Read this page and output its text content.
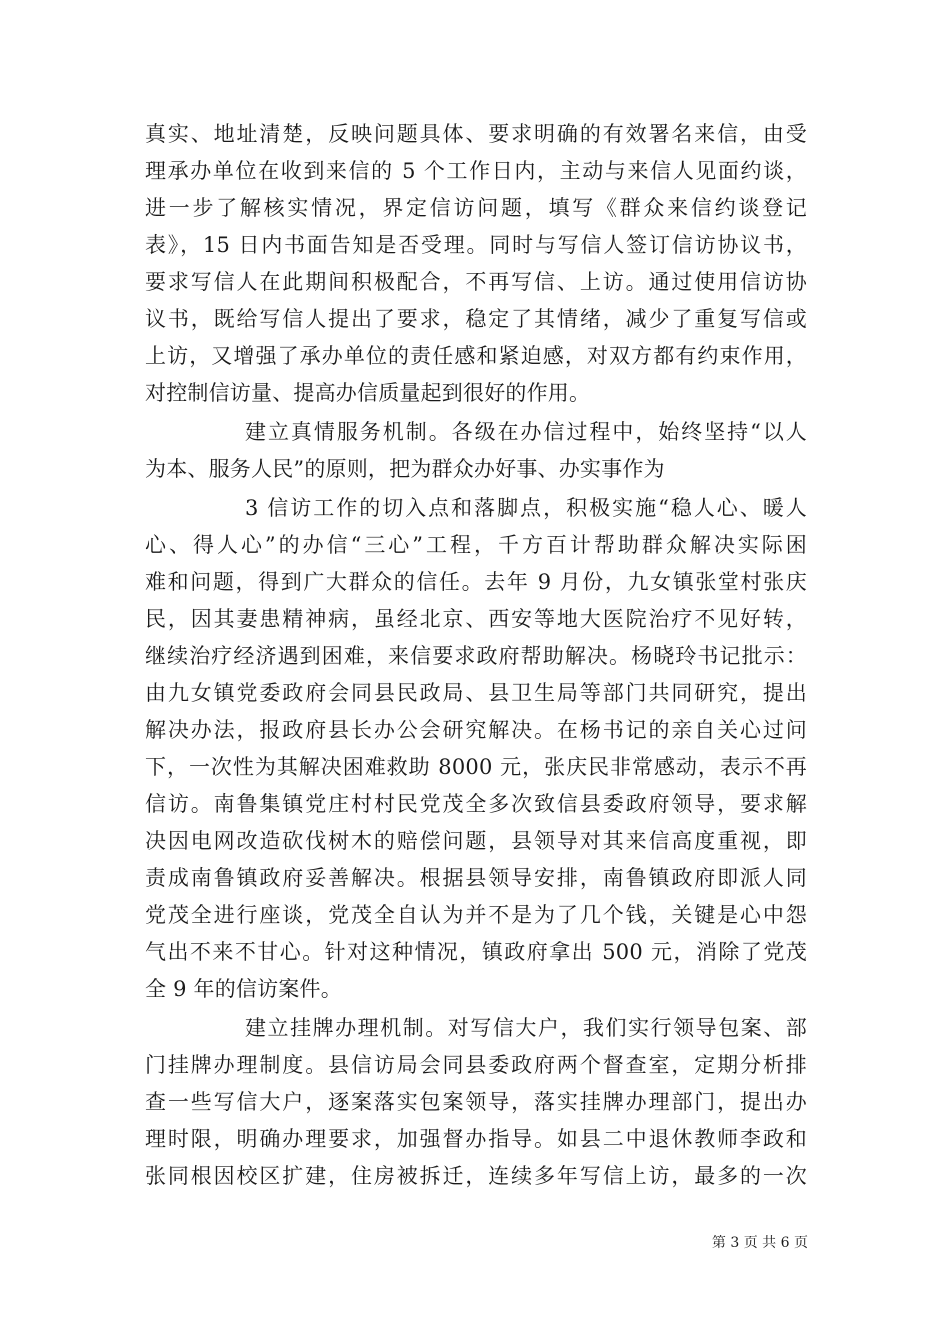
真实、地址清楚，反映问题具体、要求明确的有效署名来信，由受
理承办单位在收到来信的 5 个工作日内，主动与来信人见面约谈，
进一步了解核实情况，界定信访问题，填写《群众来信约谈登记
表》，15 日内书面告知是否受理。同时与写信人签订信访协议书，
要求写信人在此期间积极配合，不再写信、上访。通过使用信访协
议书，既给写信人提出了要求，稳定了其情绪，减少了重复写信或
上访，又增强了承办单位的责任感和紧迫感，对双方都有约束作用，
对控制信访量、提高办信质量起到很好的作用。
建立真情服务机制。各级在办信过程中，始终坚持“以人
为本、服务人民”的原则，把为群众办好事、办实事作为
3 信访工作的切入点和落脚点，积极实施“稳人心、暖人
心、得人心”的办信“三心”工程，千方百计帮助群众解决实际困
难和问题，得到广大群众的信任。去年 9 月份，九女镇张堂村张庆
民，因其妻患精神病，虽经北京、西安等地大医院治疗不见好转，
继续治疗经济遇到困难，来信要求政府帮助解决。杨晓玲书记批示：
由九女镇党委政府会同县民政局、县卫生局等部门共同研究，提出
解决办法，报政府县长办公会研究解决。在杨书记的亲自关心过问
下，一次性为其解决困难救助 8000 元，张庆民非常感动，表示不再
信访。南鲁集镇党庄村村民党茂全多次致信县委政府领导，要求解
决因电网改造砍伐树木的赔偿问题，县领导对其来信高度重视，即
责成南鲁镇政府妥善解决。根据县领导安排，南鲁镇政府即派人同
党茂全进行座谈，党茂全自认为并不是为了几个钱，关键是心中怨
气出不来不甘心。针对这种情况，镇政府拿出 500 元，消除了党茂
全 9 年的信访案件。
建立挂牌办理机制。对写信大户，我们实行领导包案、部
门挂牌办理制度。县信访局会同县委政府两个督查室，定期分析排
查一些写信大户，逐案落实包案领导，落实挂牌办理部门，提出办
理时限，明确办理要求，加强督办指导。如县二中退休教师李政和
张同根因校区扩建，住房被拆迁，连续多年写信上访，最多的一次
第 3 页 共 6 页
